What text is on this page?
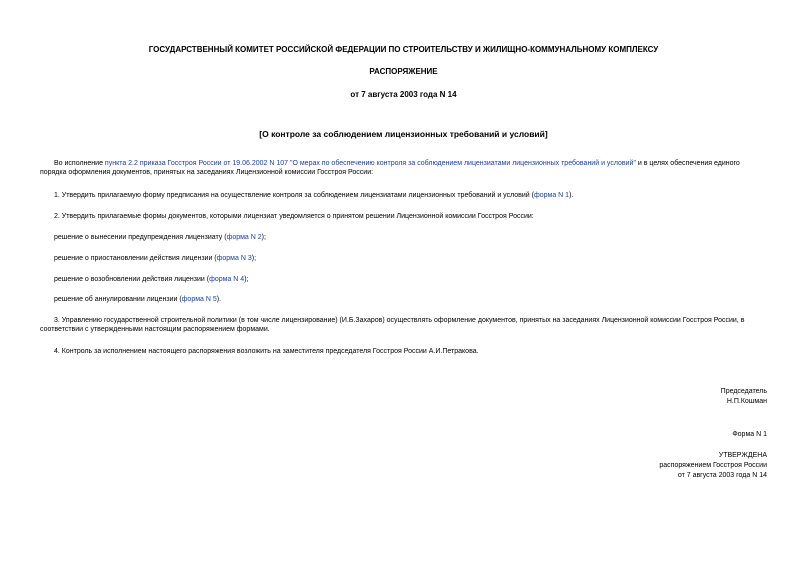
ГОСУДАРСТВЕННЫЙ КОМИТЕТ РОССИЙСКОЙ ФЕДЕРАЦИИ ПО СТРОИТЕЛЬСТВУ И ЖИЛИЩНО-КОММУНАЛЬНОМУ КОМПЛЕКСУ
РАСПОРЯЖЕНИЕ
от 7 августа 2003 года N 14
[О контроле за соблюдением лицензионных требований и условий]
Во исполнение пункта 2.2 приказа Госстроя России от 19.06.2002 N 107 "О мерах по обеспечению контроля за соблюдением лицензиатами лицензионных требований и условий" и в целях обеспечения единого порядка оформления документов, принятых на заседаниях Лицензионной комиссии Госстроя России:
1. Утвердить прилагаемую форму предписания на осуществление контроля за соблюдением лицензиатами лицензионных требований и условий (форма N 1).
2. Утвердить прилагаемые формы документов, которыми лицензиат уведомляется о принятом решении Лицензионной комиссии Госстроя России:
решение о вынесении предупреждения лицензиату (форма N 2);
решение о приостановлении действия лицензии (форма N 3);
решение о возобновлении действия лицензии (форма N 4);
решение об аннулировании лицензии (форма N 5).
3. Управлению государственной строительной политики (в том числе лицензирование) (И.Б.Захаров) осуществлять оформление документов, принятых на заседаниях Лицензионной комиссии Госстроя России, в соответствии с утвержденными настоящим распоряжением формами.
4. Контроль за исполнением настоящего распоряжения возложить на заместителя председателя Госстроя России А.И.Петракова.
Председатель
Н.П.Кошман
Форма N 1
УТВЕРЖДЕНА
распоряжением Госстроя России
от 7 августа 2003 года N 14
